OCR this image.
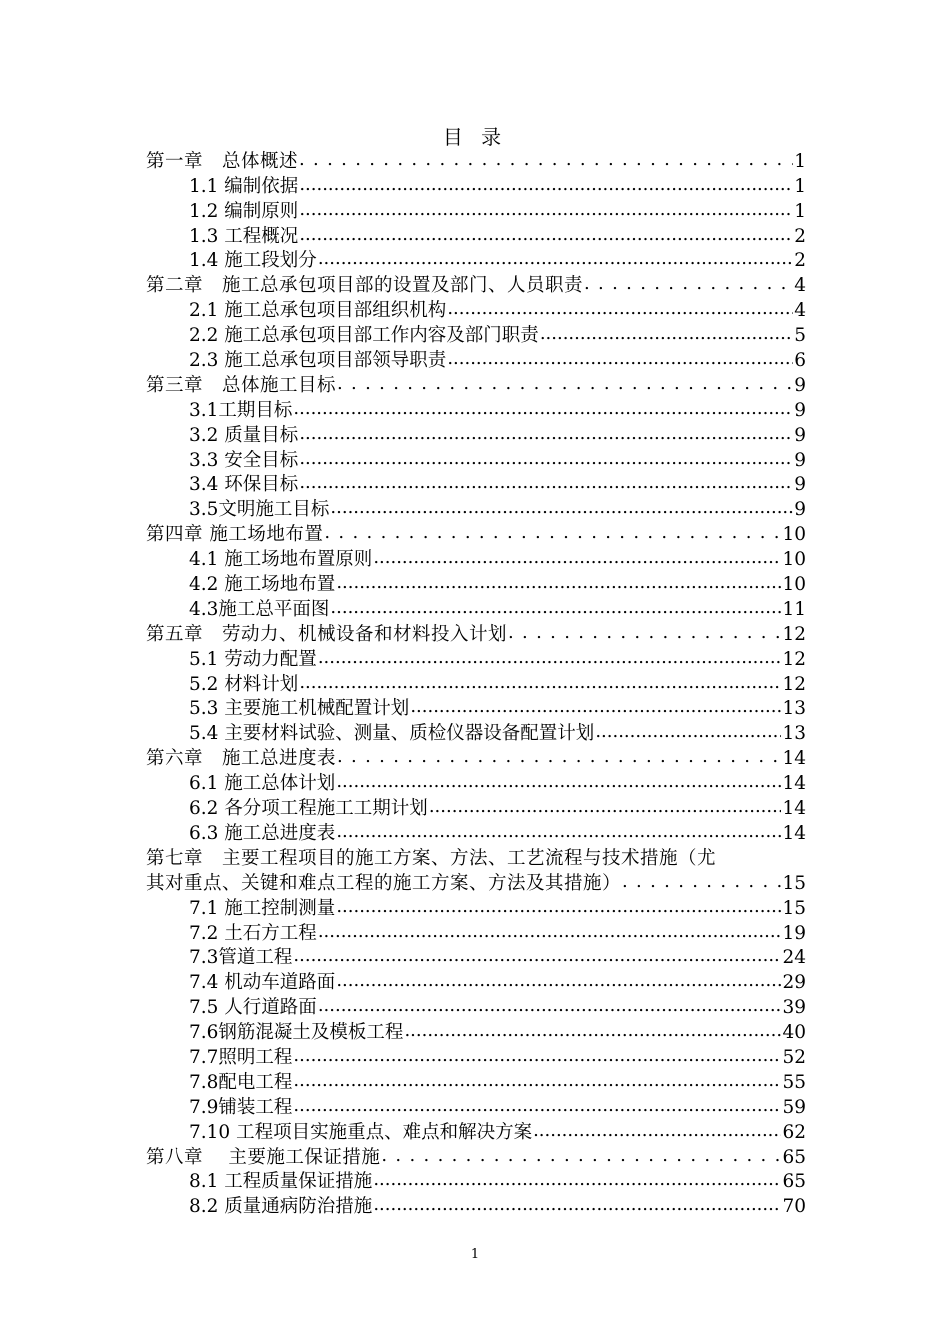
目 录
第一章　总体概述 . . .	1
1.1 编制依据 .....	1
1.2 编制原则 .....	1
1.3 工程概况 .....	2
1.4 施工段划分 .....	2
第二章　施工总承包项目部的设置及部门、人员职责 . . .	4
2.1 施工总承包项目部组织机构 .....	4
2.2 施工总承包项目部工作内容及部门职责 .....	5
2.3 施工总承包项目部领导职责 .....	6
第三章　总体施工目标 . . .	9
3.1工期目标 .....	9
3.2 质量目标 .....	9
3.3 安全目标 .....	9
3.4 环保目标 .....	9
3.5文明施工目标 .....	9
第四章 施工场地布置 . . .	10
4.1 施工场地布置原则 .....	10
4.2 施工场地布置 .....	10
4.3施工总平面图 .....	11
第五章　劳动力、机械设备和材料投入计划 . . .	12
5.1 劳动力配置 .....	12
5.2 材料计划 .....	12
5.3 主要施工机械配置计划 .....	13
5.4 主要材料试验、测量、质检仪器设备配置计划 .....	13
第六章　施工总进度表 . . .	14
6.1 施工总体计划 .....	14
6.2 各分项工程施工工期计划 .....	14
6.3 施工总进度表 .....	14
第七章　主要工程项目的施工方案、方法、工艺流程与技术措施（尤
其对重点、关键和难点工程的施工方案、方法及其措施） . . .	15
7.1 施工控制测量 .....	15
7.2 土石方工程 .....	19
7.3管道工程 .....	24
7.4 机动车道路面 .....	29
7.5 人行道路面 .....	39
7.6钢筋混凝土及模板工程 .....	40
7.7照明工程 .....	52
7.8配电工程 .....	55
7.9铺装工程 .....	59
7.10 工程项目实施重点、难点和解决方案 .....	62
第八章　 主要施工保证措施 . . .	65
8.1 工程质量保证措施 .....	65
8.2 质量通病防治措施 .....	70
1
